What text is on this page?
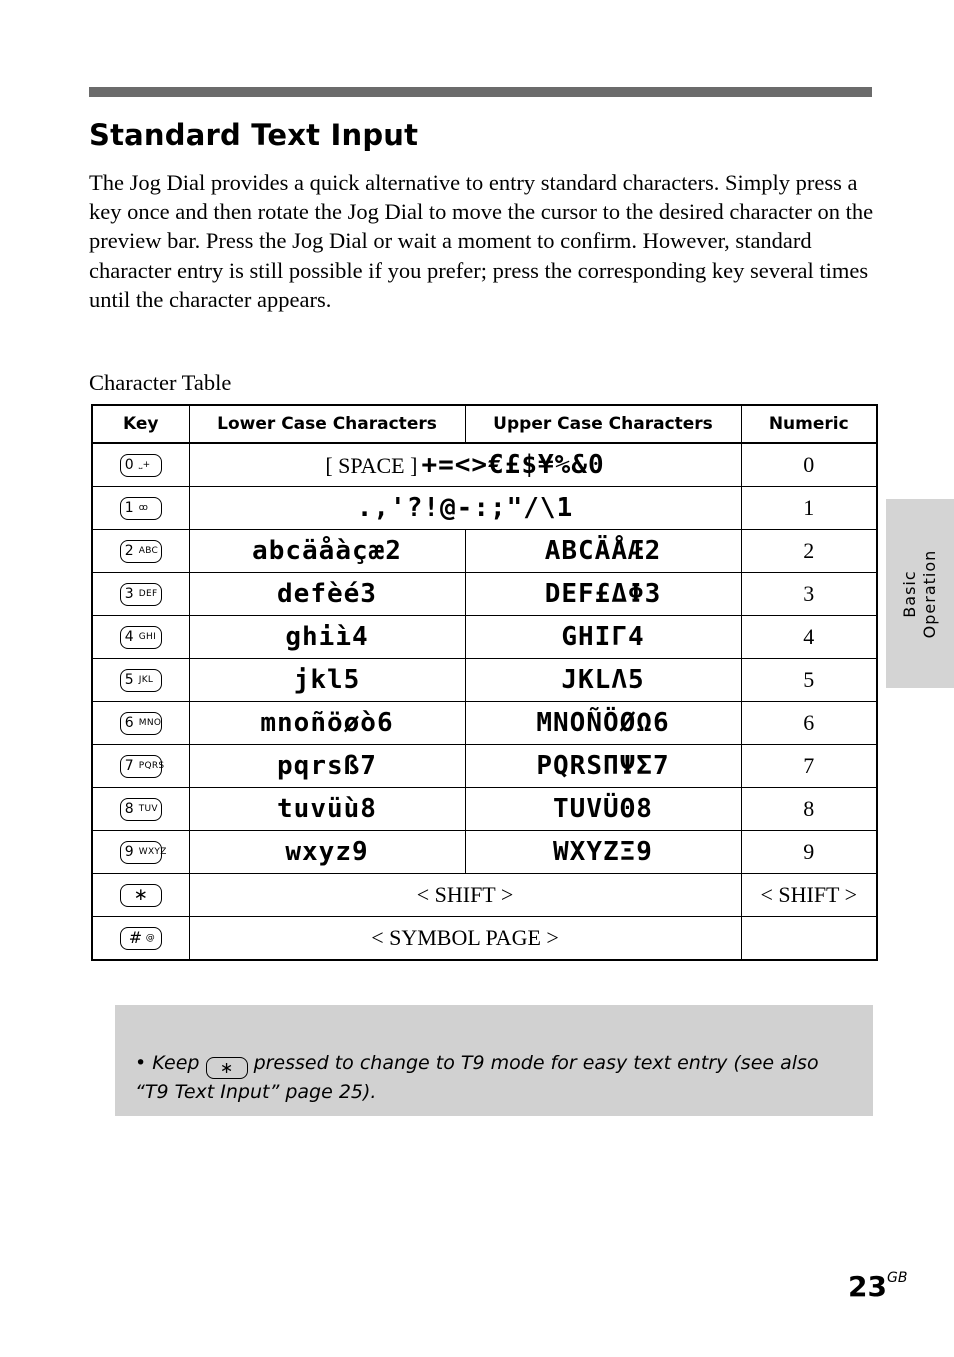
Standard Text Input

The Jog Dial provides a quick alternative to entry standard characters. Simply press a key once and then rotate the Jog Dial to move the cursor to the desired character on the preview bar. Press the Jog Dial or wait a moment to confirm. However, standard character entry is still possible if you prefer; press the corresponding key several times until the character appears.

Character Table
Key	Lower Case Characters	Upper Case Characters	Numeric

0 ⎵+	[ SPACE ] +=<>€£$¥%&0		0

1 ꝏ	.,'?!@-:;"/\1		1

2 ABC	abcäåàçæ2	ABCÄÅÆ2	2

3 DEF	defèé3	DEF£ΔΦ3	3

4 GHI	ghiì4	GHIΓ4	4

5 JKL	jkl5	JKLΛ5	5

6 MNO	mnoñöøò6	MNOÑÖØΩ6	6

7 PQRS	pqrsß7	PQRSΠΨΣ7	7

8 TUV	tuvüù8	TUVÜΘ8	8

9 WXYZ	wxyz9	WXYZΞ9	9

∗	< SHIFT >		< SHIFT >

# @	< SYMBOL PAGE >		
Basic Operation

• Keep ∗ pressed to change to T9 mode for easy text entry (see also “T9 Text Input” page 25).

$23^{GB}$
